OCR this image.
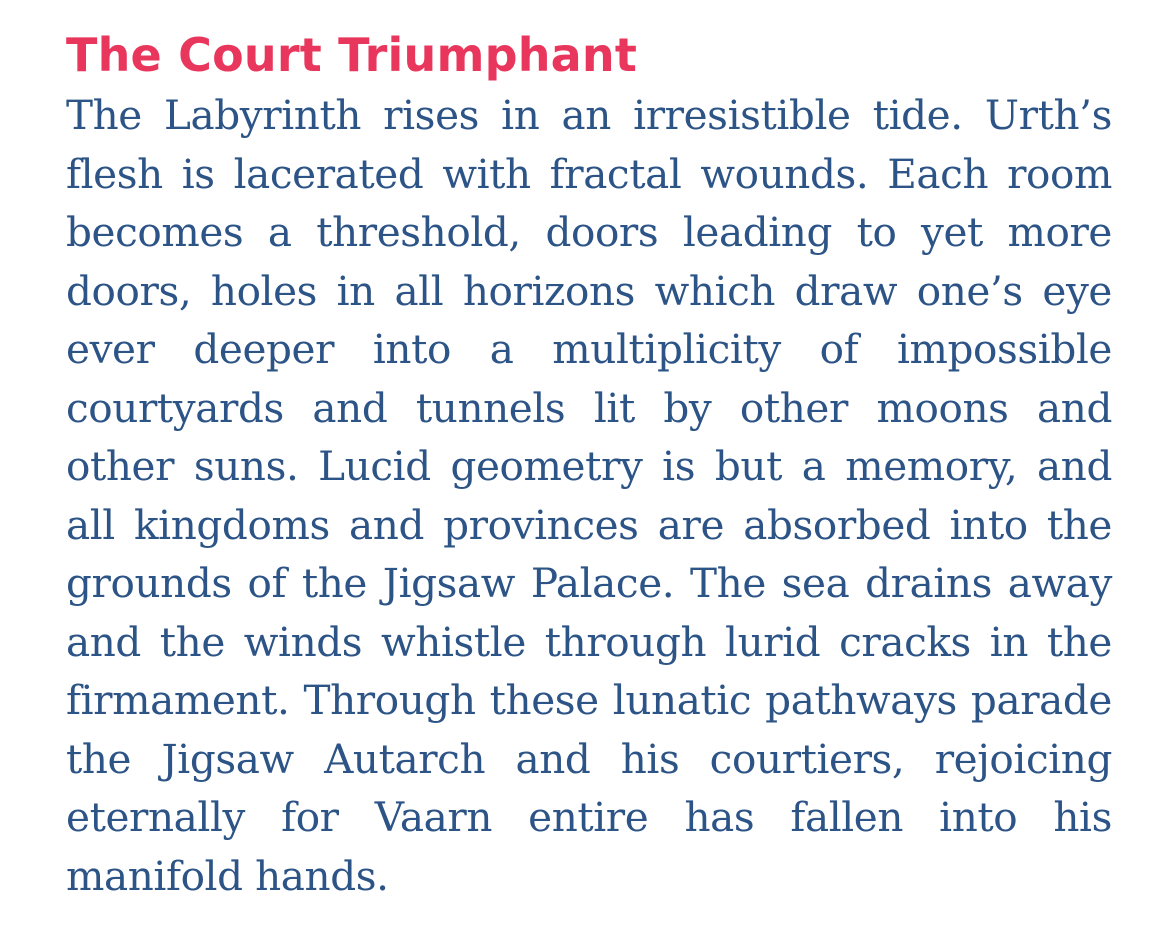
The Court Triumphant

The Labyrinth rises in an irresistible tide. Urth’s flesh is lacerated with fractal wounds. Each room becomes a threshold, doors leading to yet more doors, holes in all horizons which draw one’s eye ever deeper into a multiplicity of impossible courtyards and tunnels lit by other moons and other suns. Lucid geometry is but a memory, and all kingdoms and provinces are absorbed into the grounds of the Jigsaw Palace. The sea drains away and the winds whistle through lurid cracks in the firmament. Through these lunatic pathways parade the Jigsaw Autarch and his courtiers, rejoicing eternally for Vaarn entire has fallen into his manifold hands.
